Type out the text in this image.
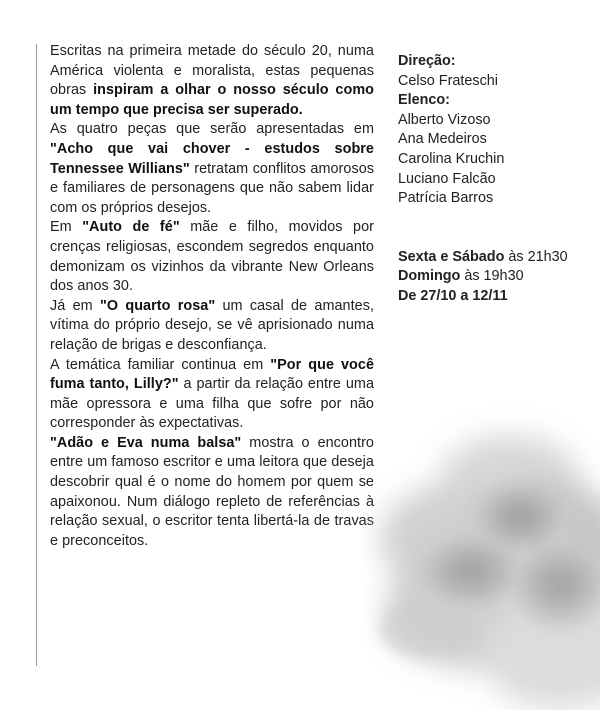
Escritas na primeira metade do século 20, numa América violenta e moralista, estas pequenas obras inspiram a olhar o nosso século como um tempo que precisa ser superado.

As quatro peças que serão apresentadas em "Acho que vai chover - estudos sobre Tennessee Willians" retratam conflitos amorosos e familiares de personagens que não sabem lidar com os próprios desejos.

Em "Auto de fé" mãe e filho, movidos por crenças religiosas, escondem segredos enquanto demonizam os vizinhos da vibrante New Orleans dos anos 30.

Já em "O quarto rosa" um casal de amantes, vítima do próprio desejo, se vê aprisionado numa relação de brigas e desconfiança.

A temática familiar continua em "Por que você fuma tanto, Lilly?" a partir da relação entre uma mãe opressora e uma filha que sofre por não corresponder às expectativas.

"Adão e Eva numa balsa" mostra o encontro entre um famoso escritor e uma leitora que deseja descobrir qual é o nome do homem por quem se apaixonou. Num diálogo repleto de referências à relação sexual, o escritor tenta libertá-la de travas e preconceitos.

Direção:
Celso Frateschi
Elenco:
Alberto Vizoso
Ana Medeiros
Carolina Kruchin
Luciano Falcão
Patrícia Barros
Sexta e Sábado às 21h30
Domingo às 19h30
De 27/10 a 12/11
